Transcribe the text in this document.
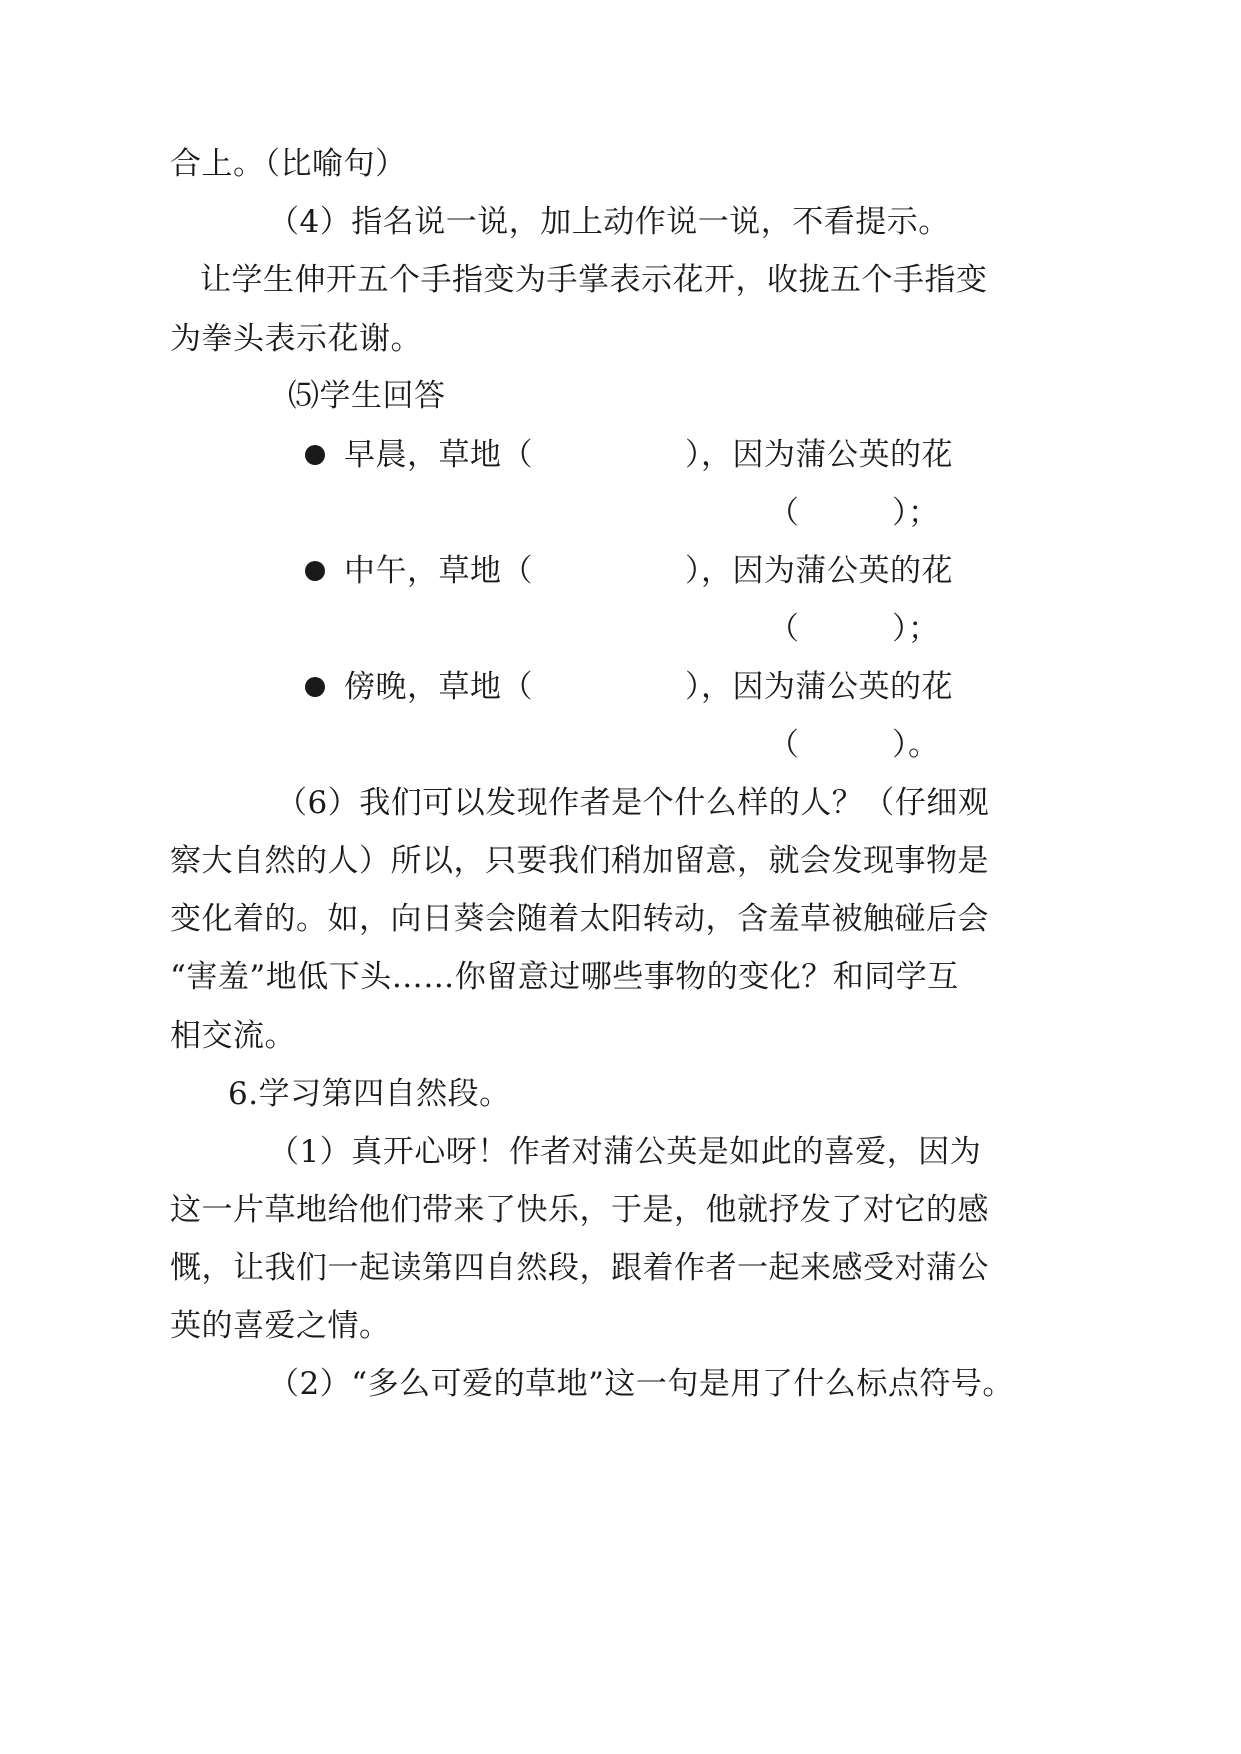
合上。（比喻句）
（4）指名说一说，加上动作说一说，不看提示。
让学生伸开五个手指变为手掌表示花开，收拢五个手指变
为拳头表示花谢。
⑸学生回答
早晨，草地（	），因为蒲公英的花
（	）；
中午，草地（	），因为蒲公英的花
（	）；
傍晚，草地（	），因为蒲公英的花
（	）。
（6）我们可以发现作者是个什么样的人？（仔细观
察大自然的人）所以，只要我们稍加留意，就会发现事物是
变化着的。如，向日葵会随着太阳转动，含羞草被触碰后会
“害羞”地低下头……你留意过哪些事物的变化？和同学互
相交流。
6.学习第四自然段。
（1）真开心呀！作者对蒲公英是如此的喜爱，因为
这一片草地给他们带来了快乐，于是，他就抒发了对它的感
慨，让我们一起读第四自然段，跟着作者一起来感受对蒲公
英的喜爱之情。
（2）“多么可爱的草地”这一句是用了什么标点符号。
